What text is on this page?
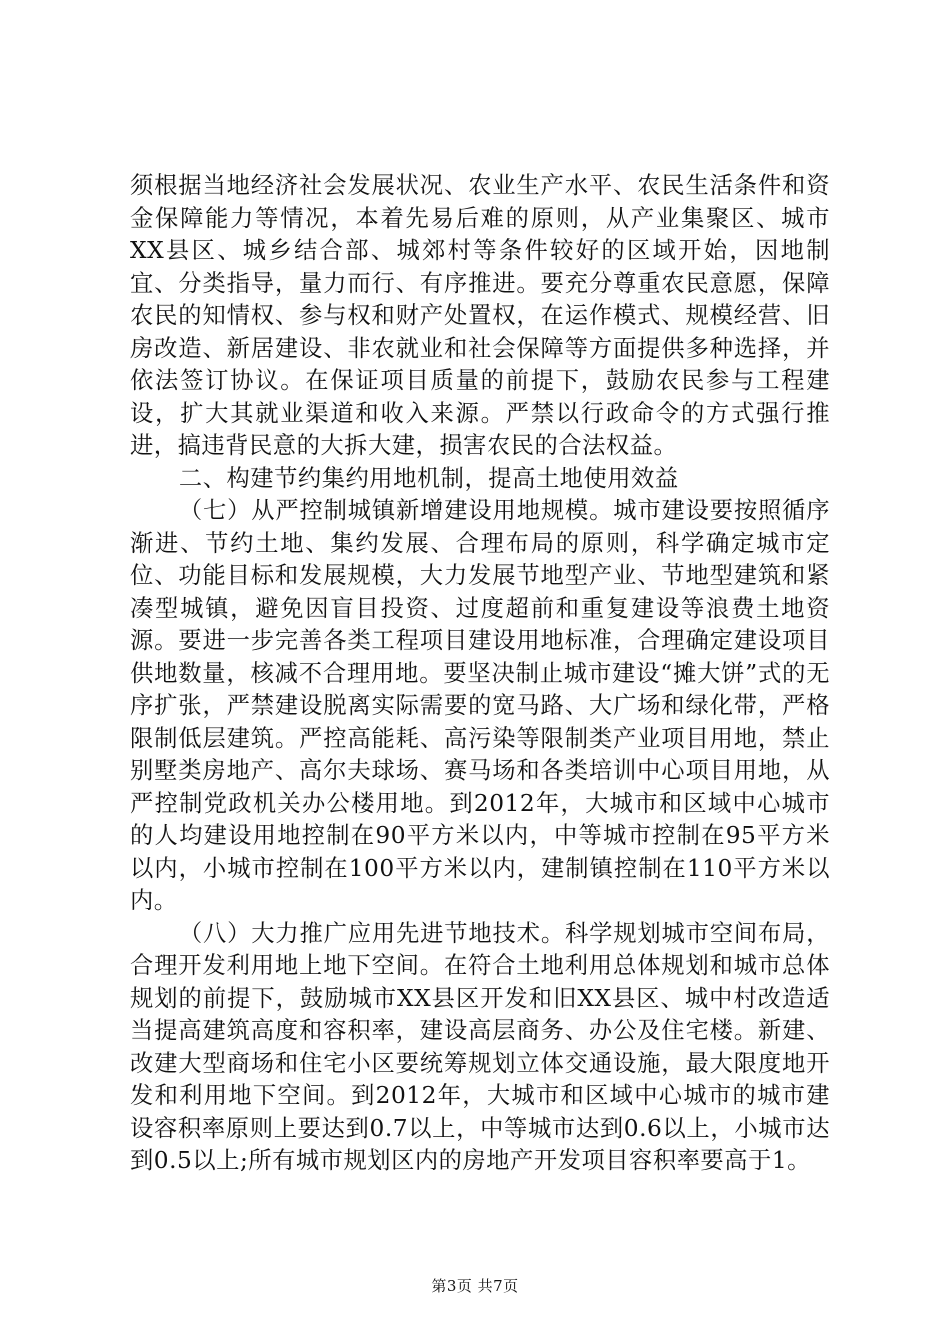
须根据当地经济社会发展状况、农业生产水平、农民生活条件和资金保障能力等情况，本着先易后难的原则，从产业集聚区、城市XX县区、城乡结合部、城郊村等条件较好的区域开始，因地制宜、分类指导，量力而行、有序推进。要充分尊重农民意愿，保障农民的知情权、参与权和财产处置权，在运作模式、规模经营、旧房改造、新居建设、非农就业和社会保障等方面提供多种选择，并依法签订协议。在保证项目质量的前提下，鼓励农民参与工程建设，扩大其就业渠道和收入来源。严禁以行政命令的方式强行推进，搞违背民意的大拆大建，损害农民的合法权益。

二、构建节约集约用地机制，提高土地使用效益

（七）从严控制城镇新增建设用地规模。城市建设要按照循序渐进、节约土地、集约发展、合理布局的原则，科学确定城市定位、功能目标和发展规模，大力发展节地型产业、节地型建筑和紧凑型城镇，避免因盲目投资、过度超前和重复建设等浪费土地资源。要进一步完善各类工程项目建设用地标准，合理确定建设项目供地数量，核减不合理用地。要坚决制止城市建设“摊大饼”式的无序扩张，严禁建设脱离实际需要的宽马路、大广场和绿化带，严格限制低层建筑。严控高能耗、高污染等限制类产业项目用地，禁止别墅类房地产、高尔夫球场、赛马场和各类培训中心项目用地，从严控制党政机关办公楼用地。到2012年，大城市和区域中心城市的人均建设用地控制在90平方米以内，中等城市控制在95平方米以内，小城市控制在100平方米以内，建制镇控制在110平方米以内。

（八）大力推广应用先进节地技术。科学规划城市空间布局，合理开发利用地上地下空间。在符合土地利用总体规划和城市总体规划的前提下，鼓励城市XX县区开发和旧XX县区、城中村改造适当提高建筑高度和容积率，建设高层商务、办公及住宅楼。新建、改建大型商场和住宅小区要统筹规划立体交通设施，最大限度地开发和利用地下空间。到2012年，大城市和区域中心城市的城市建设容积率原则上要达到0.7以上，中等城市达到0.6以上，小城市达到0.5以上;所有城市规划区内的房地产开发项目容积率要高于1。

第3页 共7页
